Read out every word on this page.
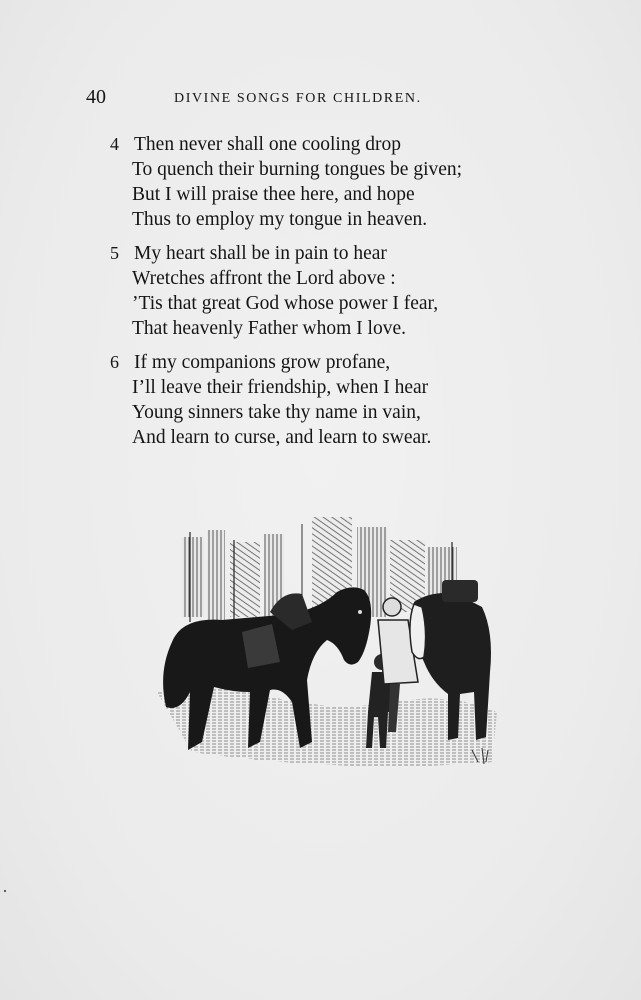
40	DIVINE SONGS FOR CHILDREN.
4 Then never shall one cooling drop
To quench their burning tongues be given;
But I will praise thee here, and hope
Thus to employ my tongue in heaven.
5 My heart shall be in pain to hear
Wretches affront the Lord above :
’Tis that great God whose power I fear,
That heavenly Father whom I love.
6 If my companions grow profane,
I’ll leave their friendship, when I hear
Young sinners take thy name in vain,
And learn to curse, and learn to swear.
